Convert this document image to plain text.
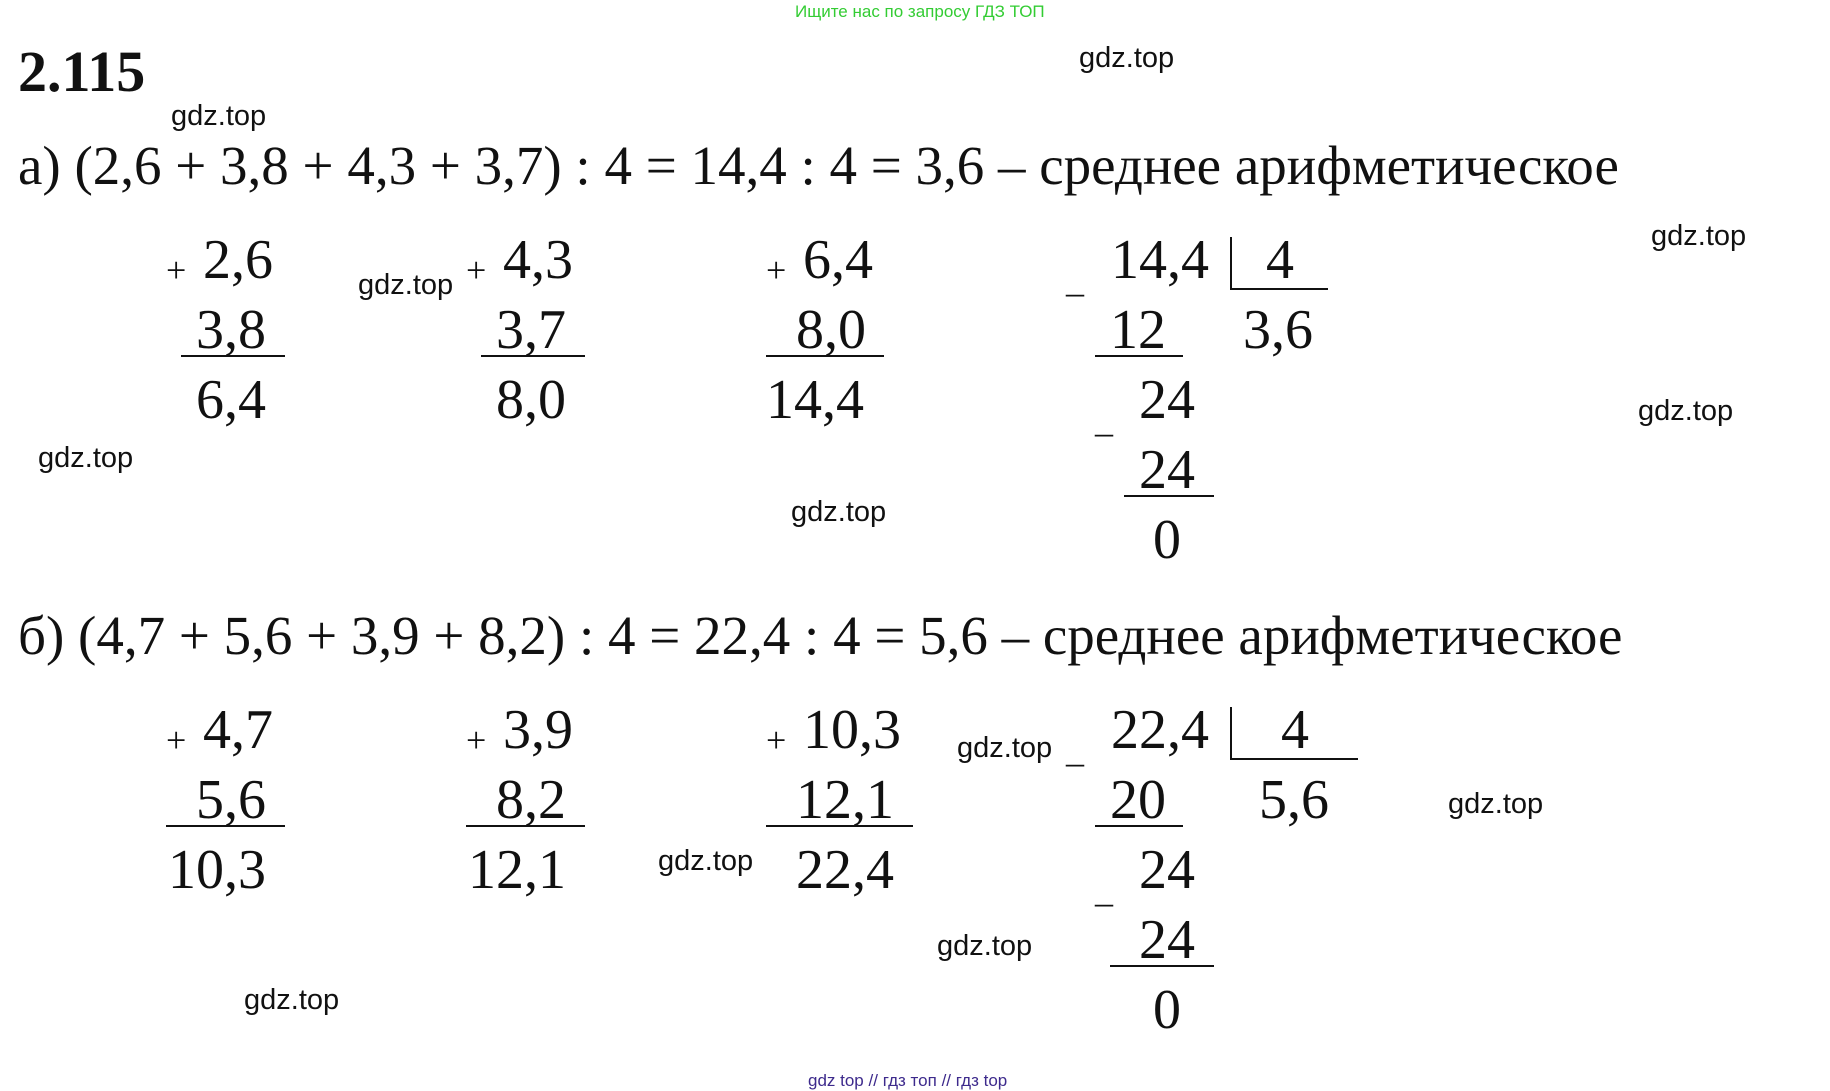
Ищите нас по запросу ГДЗ ТОП
2.115	gdz.top
gdz.top
gdz.top
gdz.top
gdz.top
gdz.top
gdz.top
gdz.top
gdz.top
gdz.top
gdz.top
gdz.top
а) (2,6 + 3,8 + 4,3 + 3,7) : 4 = 14,4 : 4 = 3,6 – среднее арифметическое
+ 2,6
3,8
6,4
+ 4,3
3,7
8,0
+ 6,4
8,0
14,4
_ 14,4 4
3,6
12
_ 24
24
0
б) (4,7 + 5,6 + 3,9 + 8,2) : 4 = 22,4 : 4 = 5,6 – среднее арифметическое
+ 4,7
5,6
10,3
+ 3,9
8,2
12,1
+ 10,3
12,1
22,4
_ 22,4 4
5,6
20
_ 24
24
0
gdz top // гдз топ // гдз top
